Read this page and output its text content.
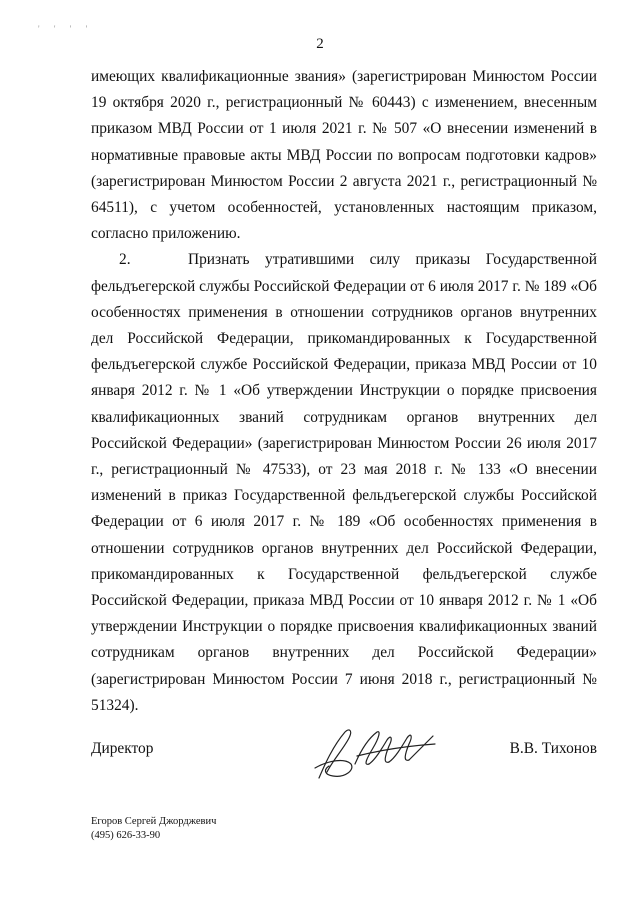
' ' ' '
2

имеющих квалификационные звания» (зарегистрирован Минюстом России 19 октября 2020 г., регистрационный № 60443) с изменением, внесенным приказом МВД России от 1 июля 2021 г. № 507 «О внесении изменений в нормативные правовые акты МВД России по вопросам подготовки кадров» (зарегистрирован Минюстом России 2 августа 2021 г., регистрационный № 64511), с учетом особенностей, установленных настоящим приказом, согласно приложению.

2.	Признать утратившими силу приказы Государственной фельдъегерской службы Российской Федерации от 6 июля 2017 г. № 189 «Об особенностях применения в отношении сотрудников органов внутренних дел Российской Федерации, прикомандированных к Государственной фельдъегерской службе Российской Федерации, приказа МВД России от 10 января 2012 г. № 1 «Об утверждении Инструкции о порядке присвоения квалификационных званий сотрудникам органов внутренних дел Российской Федерации» (зарегистрирован Минюстом России 26 июля 2017 г., регистрационный № 47533), от 23 мая 2018 г. № 133 «О внесении изменений в приказ Государственной фельдъегерской службы Российской Федерации от 6 июля 2017 г. № 189 «Об особенностях применения в отношении сотрудников органов внутренних дел Российской Федерации, прикомандированных к Государственной фельдъегерской службе Российской Федерации, приказа МВД России от 10 января 2012 г. № 1 «Об утверждении Инструкции о порядке присвоения квалификационных званий сотрудникам органов внутренних дел Российской Федерации» (зарегистрирован Минюстом России 7 июня 2018 г., регистрационный № 51324).

Директор	В.В. Тихонов
Егоров Сергей Джорджевич
(495) 626-33-90
